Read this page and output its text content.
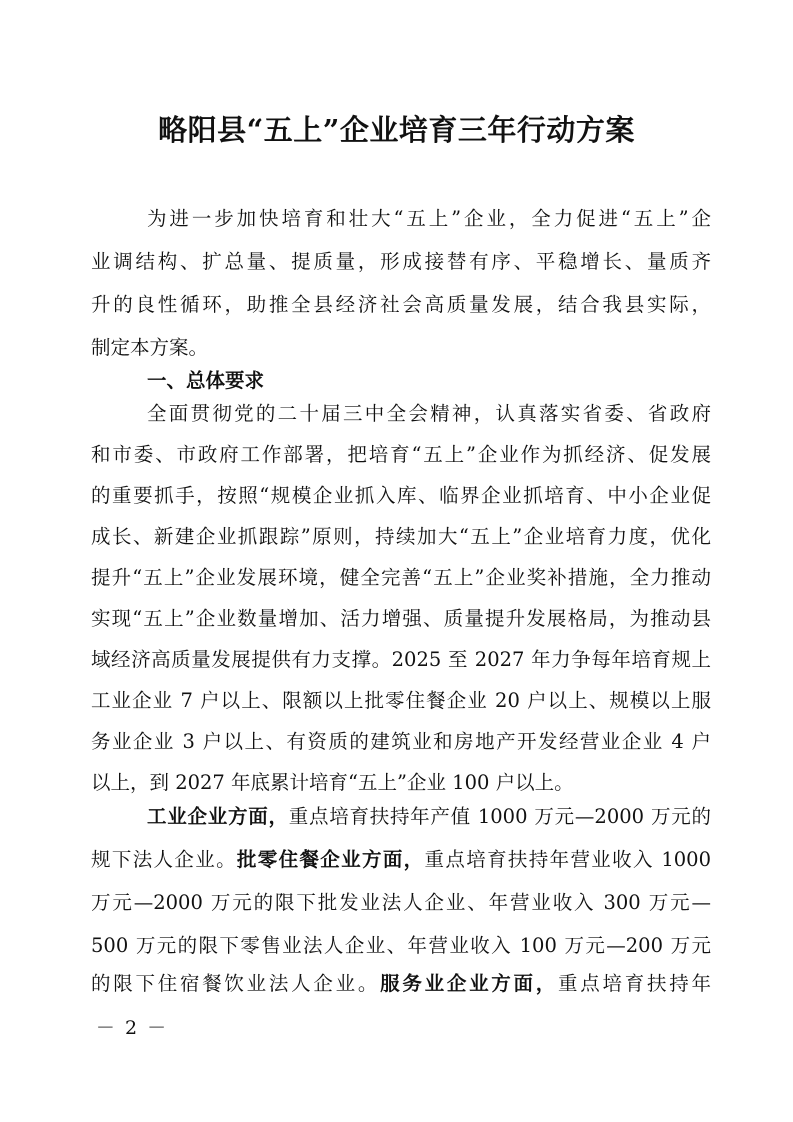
略阳县“五上”企业培育三年行动方案
为进一步加快培育和壮大“五上”企业，全力促进“五上”企
业调结构、扩总量、提质量，形成接替有序、平稳增长、量质齐
升的良性循环，助推全县经济社会高质量发展，结合我县实际，
制定本方案。
一、总体要求
全面贯彻党的二十届三中全会精神，认真落实省委、省政府
和市委、市政府工作部署，把培育“五上”企业作为抓经济、促发展
的重要抓手，按照“规模企业抓入库、临界企业抓培育、中小企业促
成长、新建企业抓跟踪”原则，持续加大“五上”企业培育力度，优化
提升“五上”企业发展环境，健全完善“五上”企业奖补措施，全力推动
实现“五上”企业数量增加、活力增强、质量提升发展格局，为推动县
域经济高质量发展提供有力支撑。2025 至 2027 年力争每年培育规上
工业企业 7 户以上、限额以上批零住餐企业 20 户以上、规模以上服
务业企业 3 户以上、有资质的建筑业和房地产开发经营业企业 4 户
以上，到 2027 年底累计培育“五上”企业 100 户以上。
工业企业方面，重点培育扶持年产值 1000 万元—2000 万元的
规下法人企业。批零住餐企业方面，重点培育扶持年营业收入 1000
万元—2000 万元的限下批发业法人企业、年营业收入 300 万元—
500 万元的限下零售业法人企业、年营业收入 100 万元—200 万元
的限下住宿餐饮业法人企业。服务业企业方面，重点培育扶持年
－ 2 －
